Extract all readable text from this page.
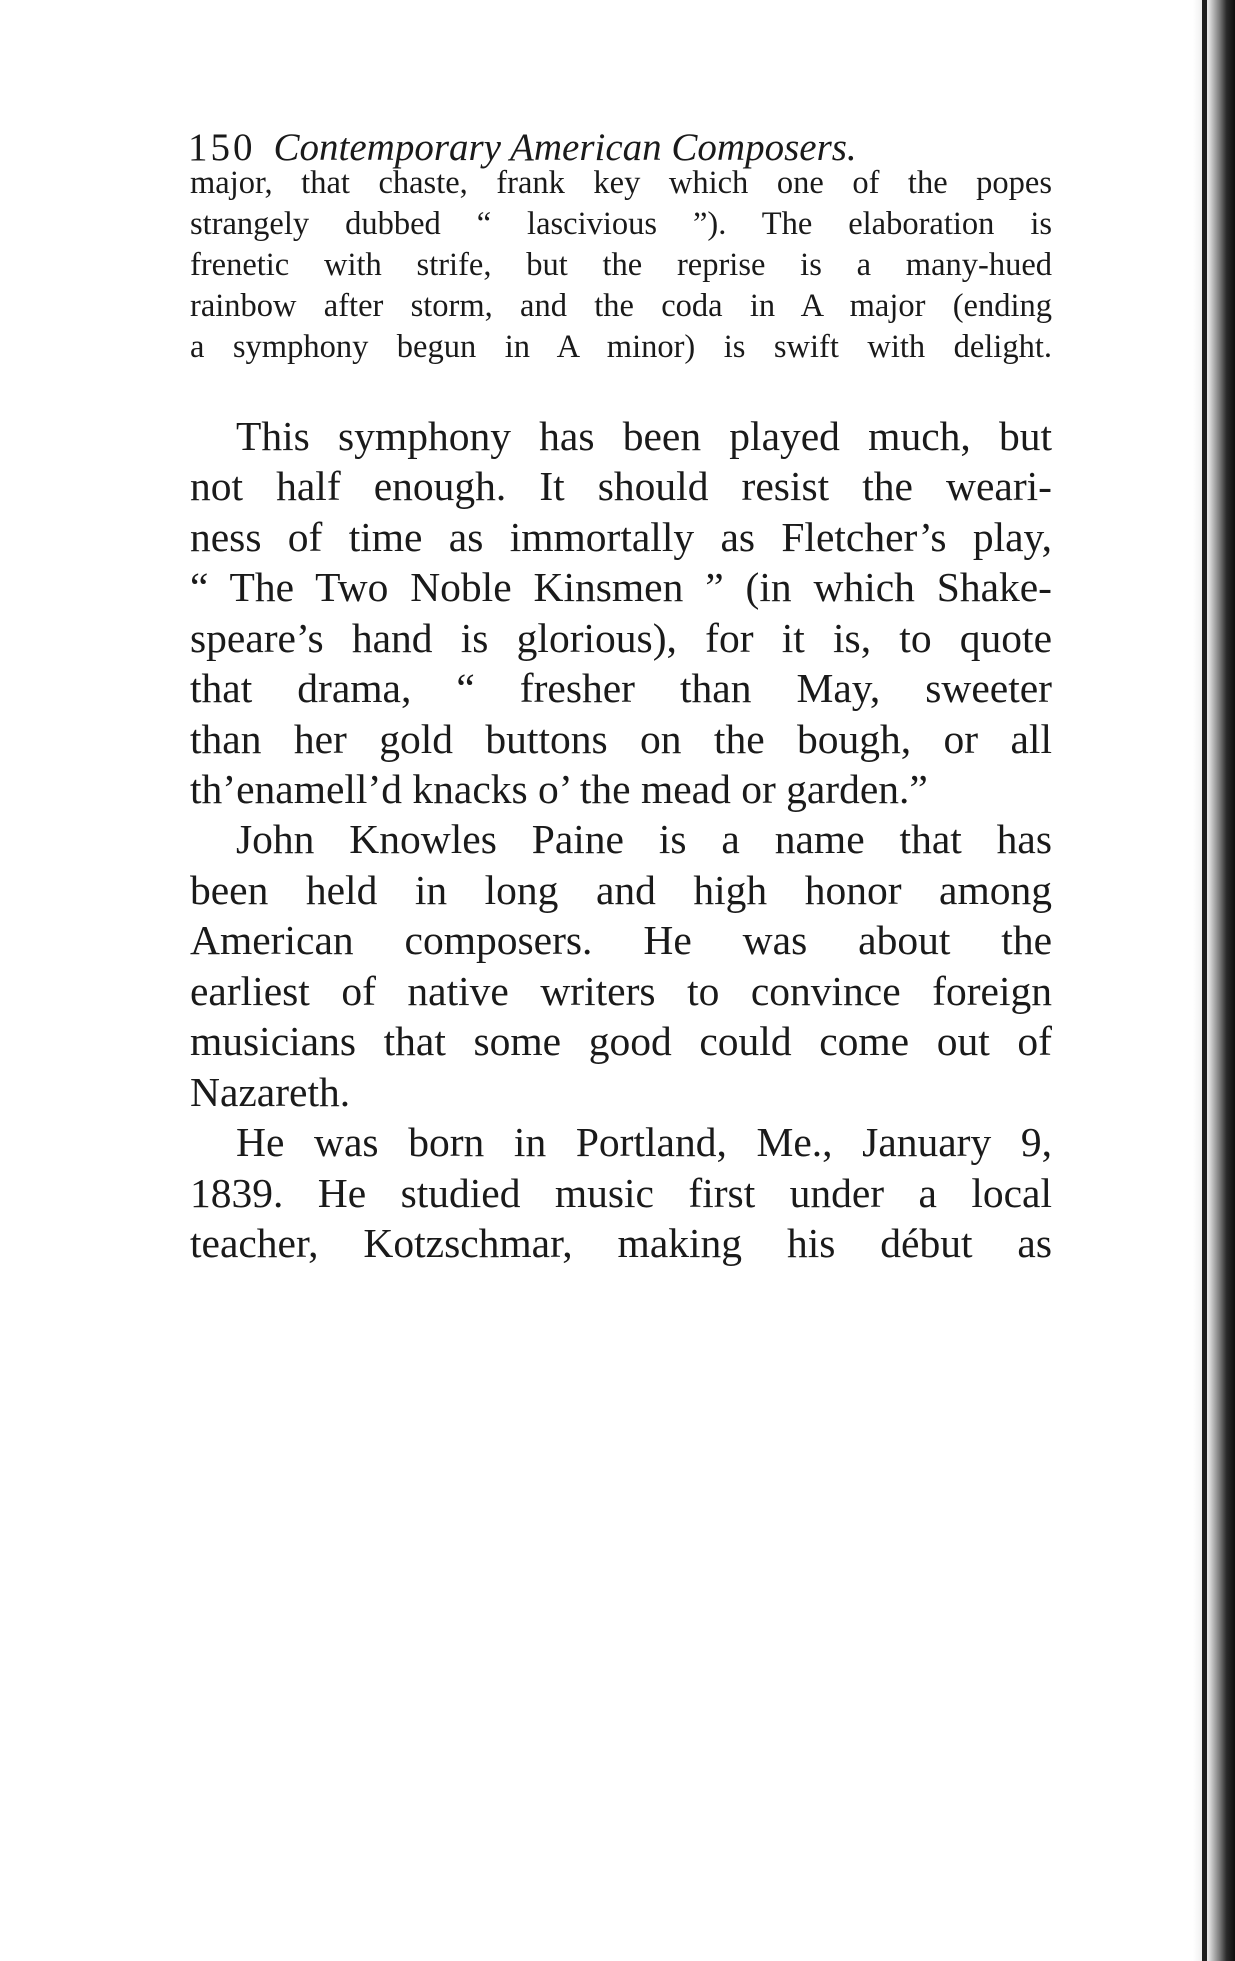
150 Contemporary American Composers.
major, that chaste, frank key which one of the popes
strangely dubbed “ lascivious ”). The elaboration is
frenetic with strife, but the reprise is a many-hued
rainbow after storm, and the coda in A major (ending
a symphony begun in A minor) is swift with delight.
This symphony has been played much, but
not half enough. It should resist the weari-
ness of time as immortally as Fletcher’s play,
“ The Two Noble Kinsmen ” (in which Shake-
speare’s hand is glorious), for it is, to quote
that drama, “ fresher than May, sweeter
than her gold buttons on the bough, or all
th’enamell’d knacks o’ the mead or garden.”
John Knowles Paine is a name that has
been held in long and high honor among
American composers. He was about the
earliest of native writers to convince foreign
musicians that some good could come out of
Nazareth.
He was born in Portland, Me., January 9,
1839. He studied music first under a local
teacher, Kotzschmar, making his début as
